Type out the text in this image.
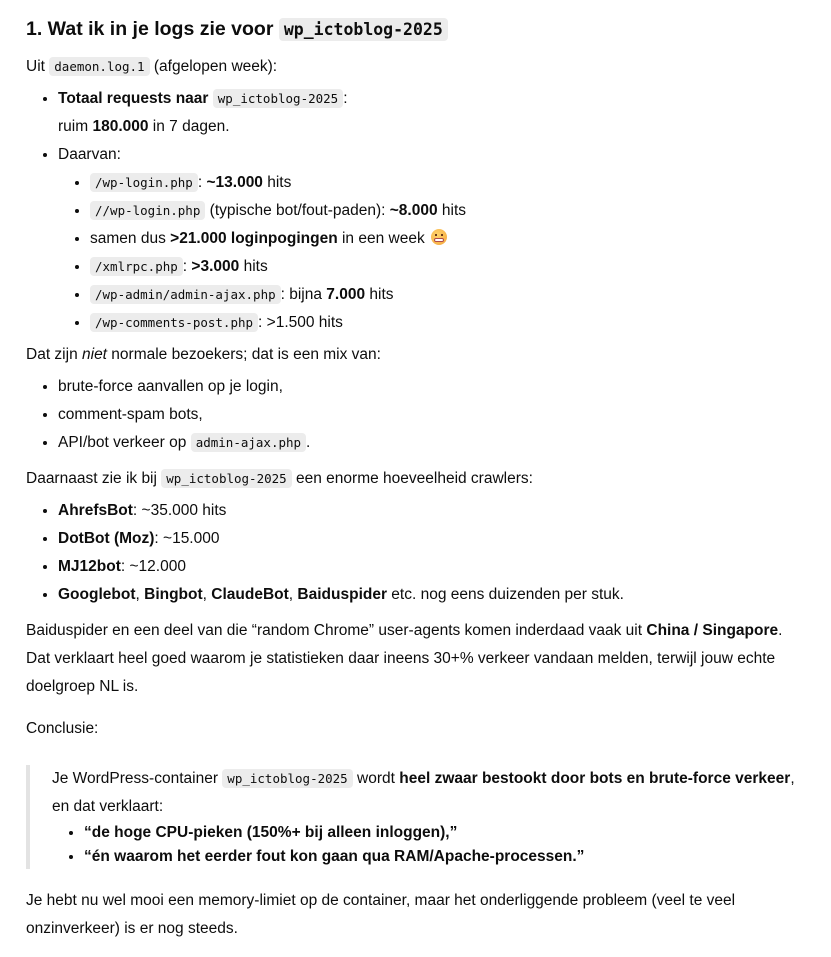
1. Wat ik in je logs zie voor wp_ictoblog-2025

Uit daemon.log.1 (afgelopen week):

• Totaal requests naar wp_ictoblog-2025 :
ruim 180.000 in 7 dagen.
• Daarvan:
• /wp-login.php : ~13.000 hits
• //wp-login.php (typische bot/fout-paden): ~8.000 hits
• samen dus >21.000 loginpogingen in een week
• /xmlrpc.php : >3.000 hits
• /wp-admin/admin-ajax.php : bijna 7.000 hits
• /wp-comments-post.php : >1.500 hits

Dat zijn niet normale bezoekers; dat is een mix van:

• brute-force aanvallen op je login,
• comment-spam bots,
• API/bot verkeer op admin-ajax.php .

Daarnaast zie ik bij wp_ictoblog-2025 een enorme hoeveelheid crawlers:

• AhrefsBot: ~35.000 hits
• DotBot (Moz): ~15.000
• MJ12bot: ~12.000
• Googlebot, Bingbot, ClaudeBot, Baiduspider etc. nog eens duizenden per stuk.

Baiduspider en een deel van die “random Chrome” user-agents komen inderdaad vaak uit China / Singapore. Dat verklaart heel goed waarom je statistieken daar ineens 30+% verkeer vandaan melden, terwijl jouw echte doelgroep NL is.

Conclusie:

Je WordPress-container wp_ictoblog-2025 wordt heel zwaar bestookt door bots en brute-force verkeer, en dat verklaart:

• “de hoge CPU-pieken (150%+ bij alleen inloggen),”
• “én waarom het eerder fout kon gaan qua RAM/Apache-processen.”

Je hebt nu wel mooi een memory-limiet op de container, maar het onderliggende probleem (veel te veel onzinverkeer) is er nog steeds.
